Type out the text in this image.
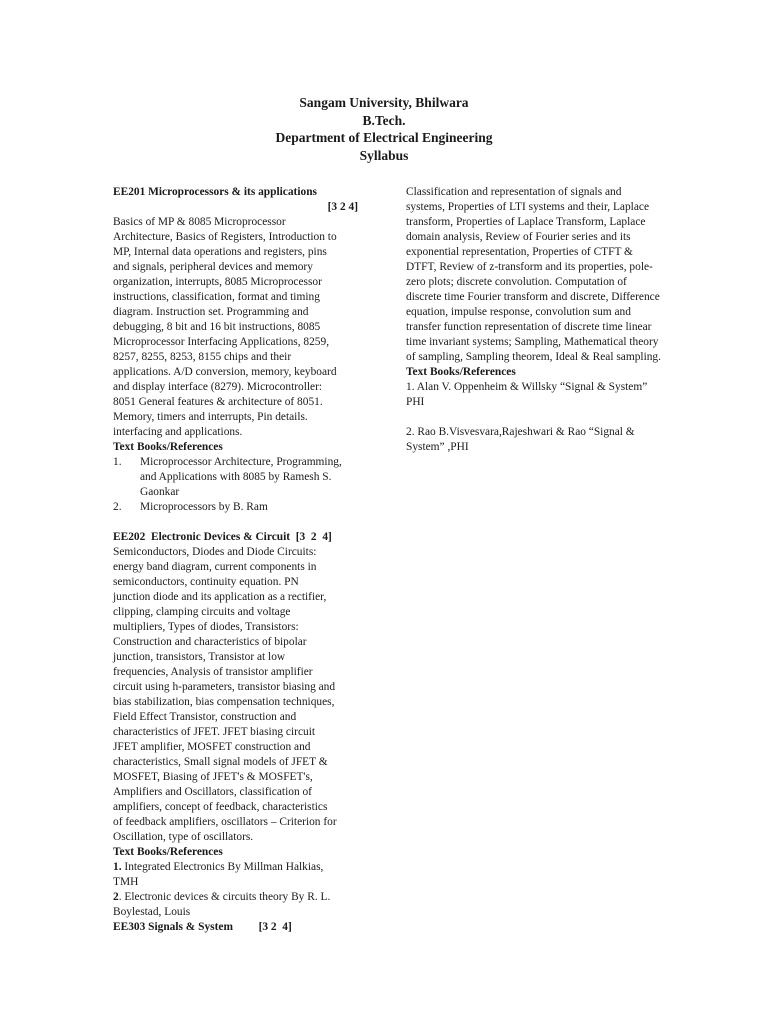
Sangam University, Bhilwara
B.Tech.
Department of Electrical Engineering
Syllabus
EE201 Microprocessors & its applications
[3 2 4]

Basics of MP & 8085 Microprocessor
Architecture, Basics of Registers, Introduction to
MP, Internal data operations and registers, pins
and signals, peripheral devices and memory
organization, interrupts, 8085 Microprocessor
instructions, classification, format and timing
diagram. Instruction set. Programming and
debugging, 8 bit and 16 bit instructions, 8085
Microprocessor Interfacing Applications, 8259,
8257, 8255, 8253, 8155 chips and their
applications. A/D conversion, memory, keyboard
and display interface (8279). Microcontroller:
8051 General features & architecture of 8051.
Memory, timers and interrupts, Pin details.
interfacing and applications.

Text Books/References
1. Microprocessor Architecture, Programming,
and Applications with 8085 by Ramesh S.
Gaonkar
2. Microprocessors by B. Ram
EE202  Electronic Devices & Circuit  [3  2  4]

Semiconductors, Diodes and Diode Circuits:
energy band diagram, current components in
semiconductors, continuity equation. PN
junction diode and its application as a rectifier,
clipping, clamping circuits and voltage
multipliers, Types of diodes, Transistors:
Construction and characteristics of bipolar
junction, transistors, Transistor at low
frequencies, Analysis of transistor amplifier
circuit using h-parameters, transistor biasing and
bias stabilization, bias compensation techniques,
Field Effect Transistor, construction and
characteristics of JFET. JFET biasing circuit
JFET amplifier, MOSFET construction and
characteristics, Small signal models of JFET &
MOSFET, Biasing of JFET's & MOSFET's,
Amplifiers and Oscillators, classification of
amplifiers, concept of feedback, characteristics
of feedback amplifiers, oscillators – Criterion for
Oscillation, type of oscillators.

Text Books/References
1. Integrated Electronics By Millman Halkias,
TMH
2. Electronic devices & circuits theory By R. L.
Boylestad, Louis
EE303 Signals & System [3 2  4]

Classification and representation of signals and
systems, Properties of LTI systems and their, Laplace
transform, Properties of Laplace Transform, Laplace
domain analysis, Review of Fourier series and its
exponential representation, Properties of CTFT &
DTFT, Review of z-transform and its properties, pole-
zero plots; discrete convolution. Computation of
discrete time Fourier transform and discrete, Difference
equation, impulse response, convolution sum and
transfer function representation of discrete time linear
time invariant systems; Sampling, Mathematical theory
of sampling, Sampling theorem, Ideal & Real sampling.

Text Books/References

1. Alan V. Oppenheim & Willsky “Signal & System”
PHI

2. Rao B.Visvesvara,Rajeshwari & Rao “Signal &
System” ,PHI
